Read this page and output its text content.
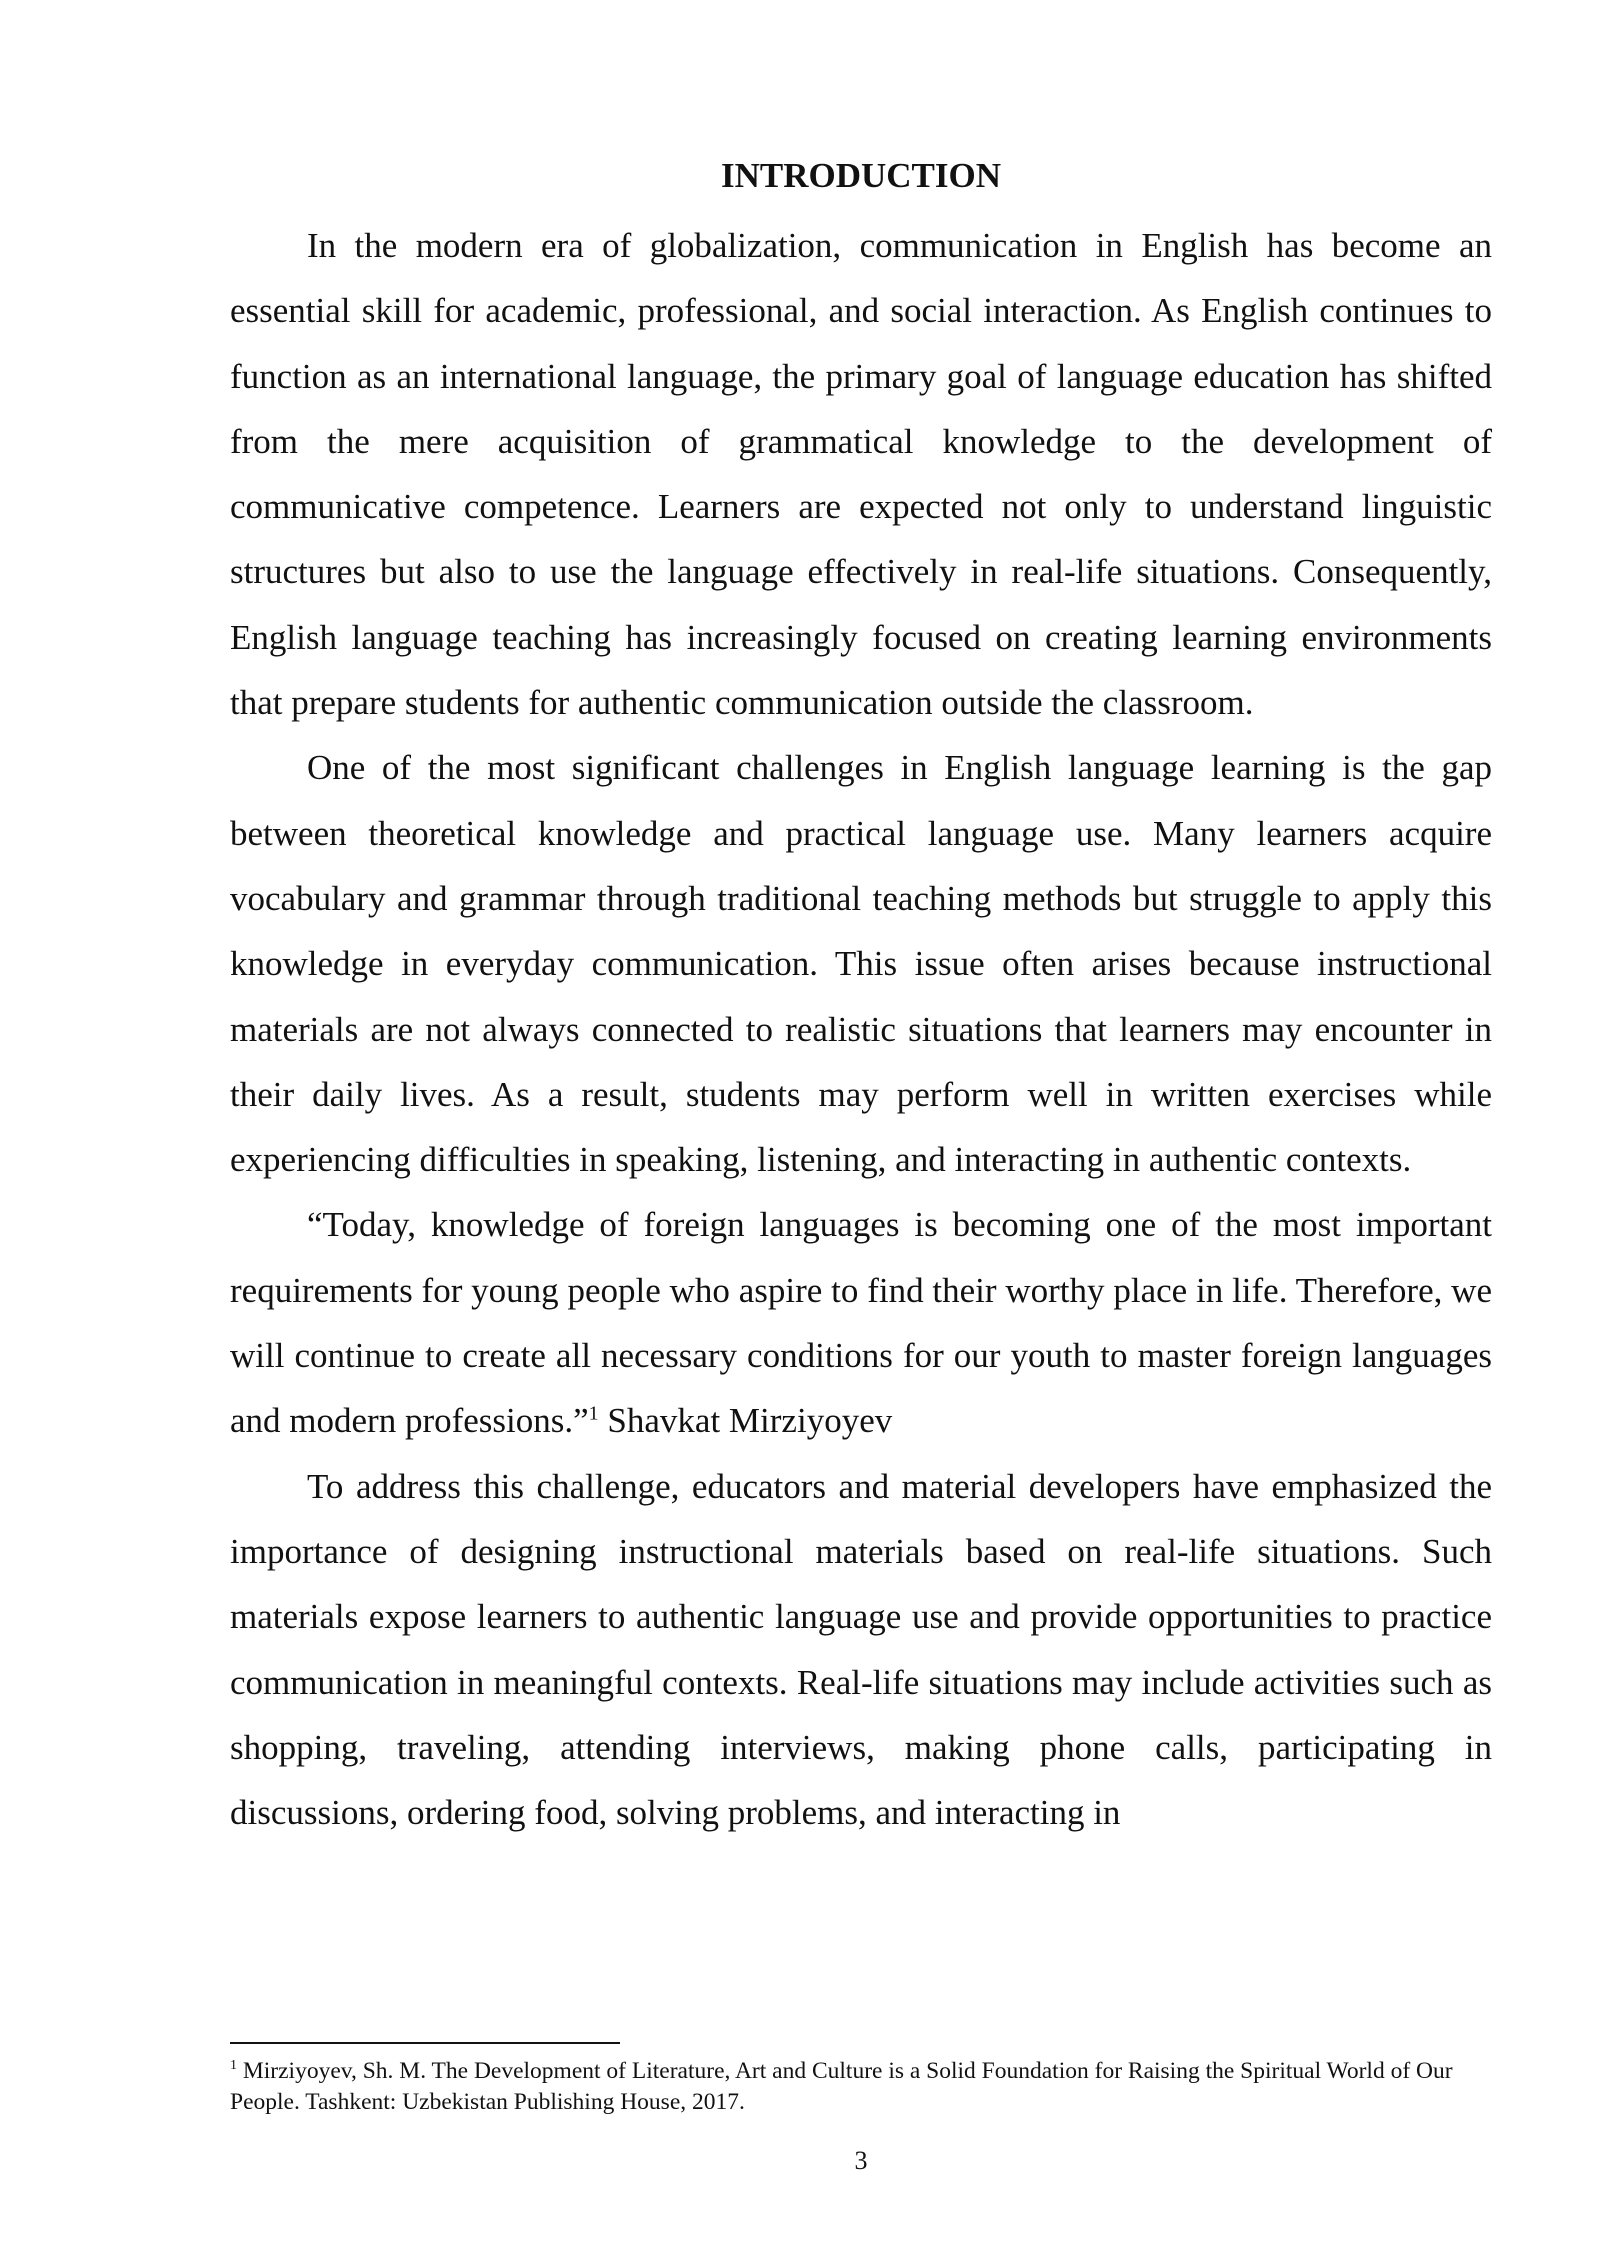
INTRODUCTION

In the modern era of globalization, communication in English has become an essential skill for academic, professional, and social interaction. As English continues to function as an international language, the primary goal of language education has shifted from the mere acquisition of grammatical knowledge to the development of communicative competence. Learners are expected not only to understand linguistic structures but also to use the language effectively in real-life situations. Consequently, English language teaching has increasingly focused on creating learning environments that prepare students for authentic communication outside the classroom.

One of the most significant challenges in English language learning is the gap between theoretical knowledge and practical language use. Many learners acquire vocabulary and grammar through traditional teaching methods but struggle to apply this knowledge in everyday communication. This issue often arises because instructional materials are not always connected to realistic situations that learners may encounter in their daily lives. As a result, students may perform well in written exercises while experiencing difficulties in speaking, listening, and interacting in authentic contexts.

“Today, knowledge of foreign languages is becoming one of the most important requirements for young people who aspire to find their worthy place in life. Therefore, we will continue to create all necessary conditions for our youth to master foreign languages and modern professions.”$^1$ Shavkat Mirziyoyev

To address this challenge, educators and material developers have emphasized the importance of designing instructional materials based on real-life situations. Such materials expose learners to authentic language use and provide opportunities to practice communication in meaningful contexts. Real-life situations may include activities such as shopping, traveling, attending interviews, making phone calls, participating in discussions, ordering food, solving problems, and interacting in

$^1$ Mirziyoyev, Sh. M. The Development of Literature, Art and Culture is a Solid Foundation for Raising the Spiritual World of Our People. Tashkent: Uzbekistan Publishing House, 2017.

3
